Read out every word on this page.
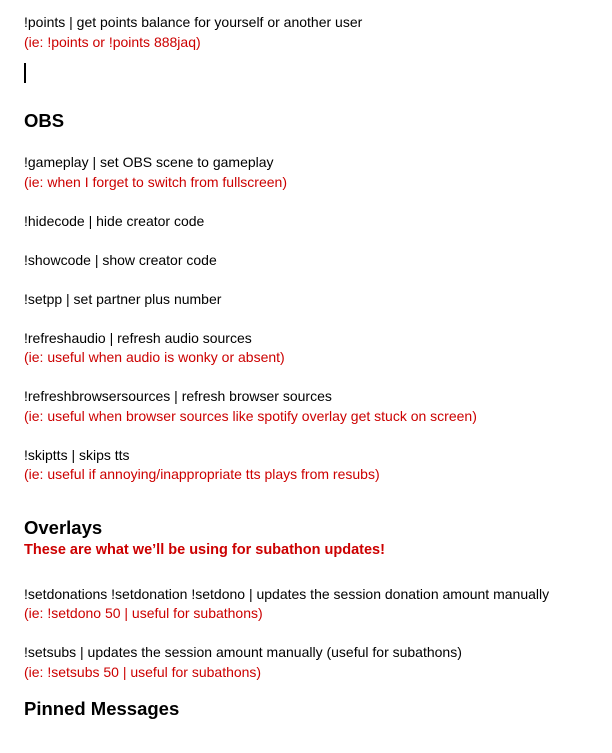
!points | get points balance for yourself or another user
(ie: !points or !points 888jaq)
OBS
!gameplay | set OBS scene to gameplay
(ie: when I forget to switch from fullscreen)
!hidecode | hide creator code
!showcode | show creator code
!setpp | set partner plus number
!refreshaudio | refresh audio sources
(ie: useful when audio is wonky or absent)
!refreshbrowsersources | refresh browser sources
(ie: useful when browser sources like spotify overlay get stuck on screen)
!skiptts | skips tts
(ie: useful if annoying/inappropriate tts plays from resubs)
Overlays
These are what we’ll be using for subathon updates!
!setdonations !setdonation !setdono | updates the session donation amount manually
(ie: !setdono 50 | useful for subathons)
!setsubs | updates the session amount manually (useful for subathons)
(ie: !setsubs 50 | useful for subathons)
Pinned Messages
